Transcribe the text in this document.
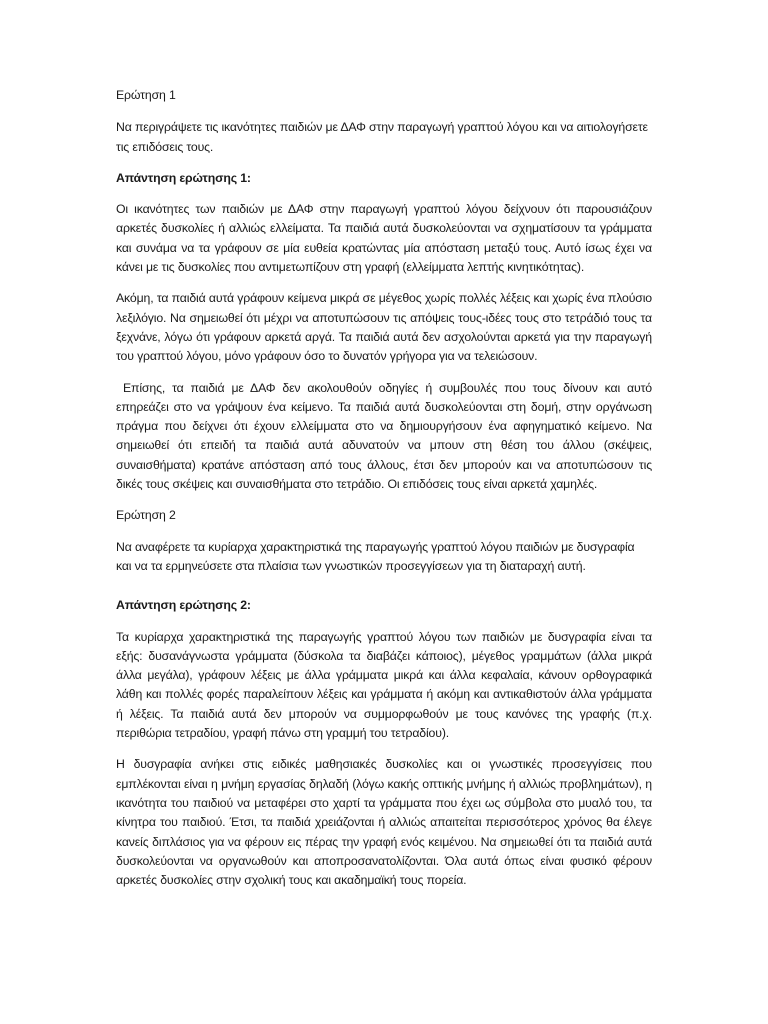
Ερώτηση 1

Να περιγράψετε τις ικανότητες παιδιών με ΔΑΦ στην παραγωγή γραπτού λόγου και να αιτιολογήσετε τις επιδόσεις τους.

Απάντηση ερώτησης 1:

Οι ικανότητες των παιδιών με ΔΑΦ στην παραγωγή γραπτού λόγου δείχνουν ότι παρουσιάζουν αρκετές δυσκολίες ή αλλιώς ελλείματα. Τα παιδιά αυτά δυσκολεύονται να σχηματίσουν τα γράμματα και συνάμα να τα γράφουν σε μία ευθεία κρατώντας μία απόσταση μεταξύ τους. Αυτό ίσως έχει να κάνει με τις δυσκολίες που αντιμετωπίζουν στη γραφή (ελλείμματα λεπτής κινητικότητας).

Ακόμη, τα παιδιά αυτά γράφουν κείμενα μικρά σε μέγεθος χωρίς πολλές λέξεις και χωρίς ένα πλούσιο λεξιλόγιο. Να σημειωθεί ότι μέχρι να αποτυπώσουν τις απόψεις τους-ιδέες τους στο τετράδιό τους τα ξεχνάνε, λόγω ότι γράφουν αρκετά αργά. Τα παιδιά αυτά δεν ασχολούνται αρκετά για την παραγωγή του γραπτού λόγου, μόνο γράφουν όσο το δυνατόν γρήγορα για να τελειώσουν.

Επίσης, τα παιδιά με ΔΑΦ δεν ακολουθούν οδηγίες ή συμβουλές που τους δίνουν και αυτό επηρεάζει στο να γράψουν ένα κείμενο. Τα παιδιά αυτά δυσκολεύονται στη δομή, στην οργάνωση πράγμα που δείχνει ότι έχουν ελλείμματα στο να δημιουργήσουν ένα αφηγηματικό κείμενο. Να σημειωθεί ότι επειδή τα παιδιά αυτά αδυνατούν να μπουν στη θέση του άλλου (σκέψεις, συναισθήματα) κρατάνε απόσταση από τους άλλους, έτσι δεν μπορούν και να αποτυπώσουν τις δικές τους σκέψεις και συναισθήματα στο τετράδιο. Οι επιδόσεις τους είναι αρκετά χαμηλές.

Ερώτηση 2

Να αναφέρετε τα κυρίαρχα χαρακτηριστικά της παραγωγής γραπτού λόγου παιδιών με δυσγραφία και να τα ερμηνεύσετε στα πλαίσια των γνωστικών προσεγγίσεων για τη διαταραχή αυτή.

Απάντηση ερώτησης 2:

Τα κυρίαρχα χαρακτηριστικά της παραγωγής γραπτού λόγου των παιδιών με δυσγραφία είναι τα εξής: δυσανάγνωστα γράμματα (δύσκολα τα διαβάζει κάποιος), μέγεθος γραμμάτων (άλλα μικρά άλλα μεγάλα), γράφουν λέξεις με άλλα γράμματα μικρά και άλλα κεφαλαία, κάνουν ορθογραφικά λάθη και πολλές φορές παραλείπουν λέξεις και γράμματα ή ακόμη και αντικαθιστούν άλλα γράμματα ή λέξεις. Τα παιδιά αυτά δεν μπορούν να συμμορφωθούν με τους κανόνες της γραφής (π.χ. περιθώρια τετραδίου, γραφή πάνω στη γραμμή του τετραδίου).

Η δυσγραφία ανήκει στις ειδικές μαθησιακές δυσκολίες και οι γνωστικές προσεγγίσεις που εμπλέκονται είναι η μνήμη εργασίας δηλαδή (λόγω κακής οπτικής μνήμης ή αλλιώς προβλημάτων), η ικανότητα του παιδιού να μεταφέρει στο χαρτί τα γράμματα που έχει ως σύμβολα στο μυαλό του, τα κίνητρα του παιδιού. Έτσι, τα παιδιά χρειάζονται ή αλλιώς απαιτείται περισσότερος χρόνος θα έλεγε κανείς διπλάσιος για να φέρουν εις πέρας την γραφή ενός κειμένου. Να σημειωθεί ότι τα παιδιά αυτά δυσκολεύονται να οργανωθούν και αποπροσανατολίζονται. Όλα αυτά όπως είναι φυσικό φέρουν αρκετές δυσκολίες στην σχολική τους και ακαδημαϊκή τους πορεία.
